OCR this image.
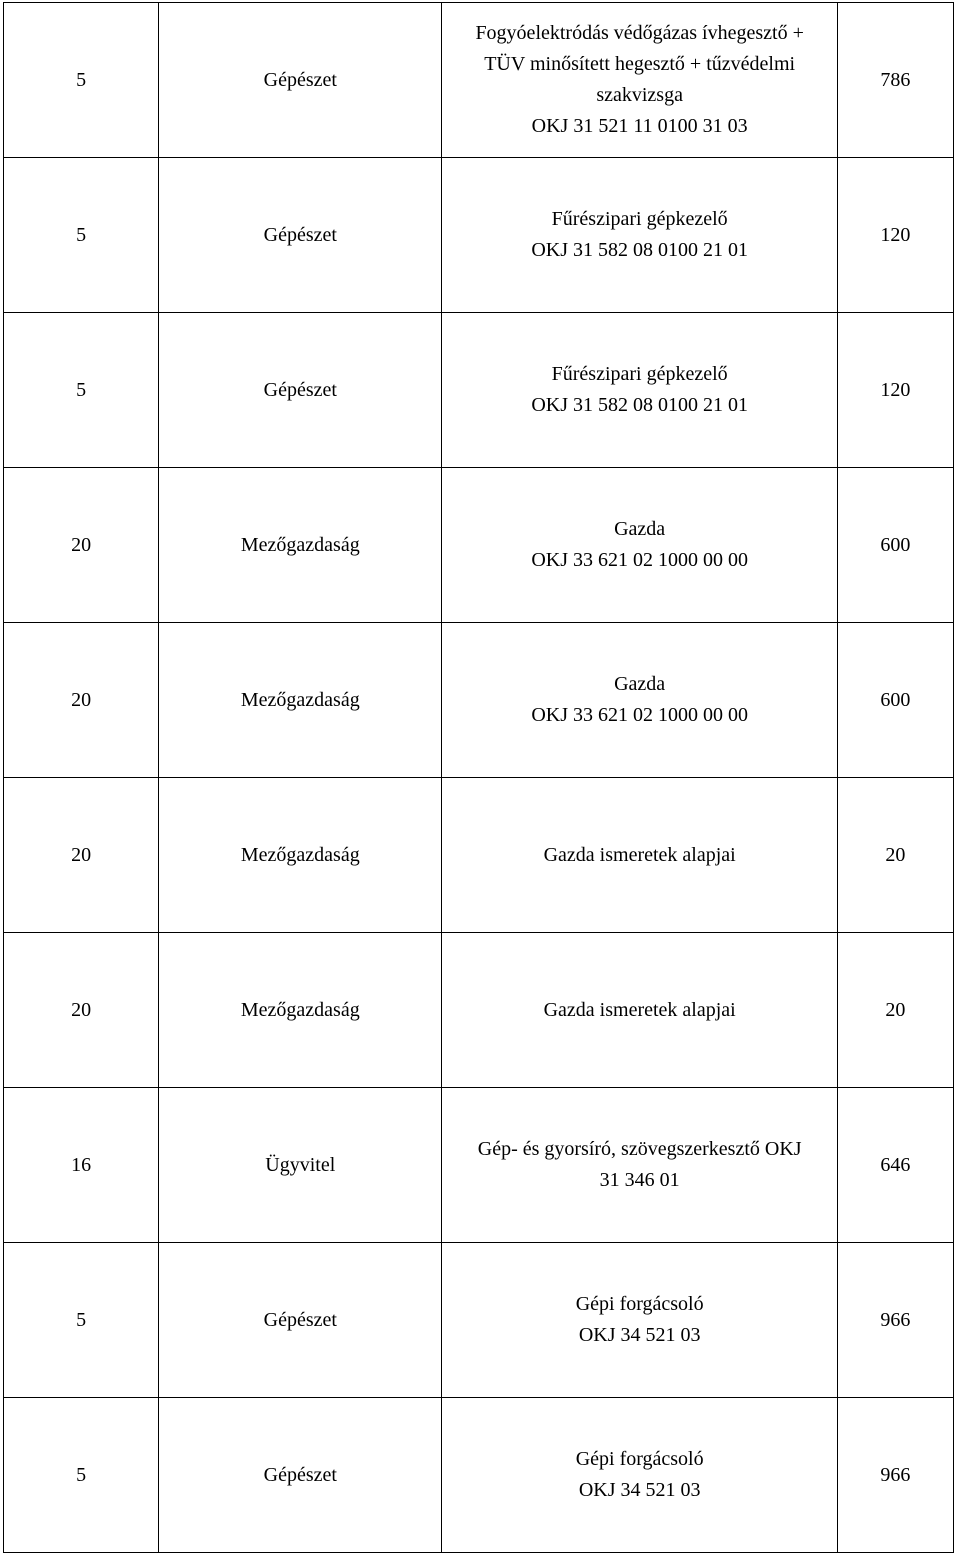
5	Gépészet	Fogyóelektródás védőgázas ívhegesztő +
TÜV minősített hegesztő + tűzvédelmi
szakvizsga
OKJ 31 521 11 0100 31 03	786
5	Gépészet	Fűrészipari gépkezelő
OKJ 31 582 08 0100 21 01	120
5	Gépészet	Fűrészipari gépkezelő
OKJ 31 582 08 0100 21 01	120
20	Mezőgazdaság	Gazda
OKJ 33 621 02 1000 00 00	600
20	Mezőgazdaság	Gazda
OKJ 33 621 02 1000 00 00	600
20	Mezőgazdaság	Gazda ismeretek alapjai	20
20	Mezőgazdaság	Gazda ismeretek alapjai	20
16	Ügyvitel	Gép- és gyorsíró, szövegszerkesztő OKJ
31 346 01	646
5	Gépészet	Gépi forgácsoló
OKJ 34 521 03	966
5	Gépészet	Gépi forgácsoló
OKJ 34 521 03	966
